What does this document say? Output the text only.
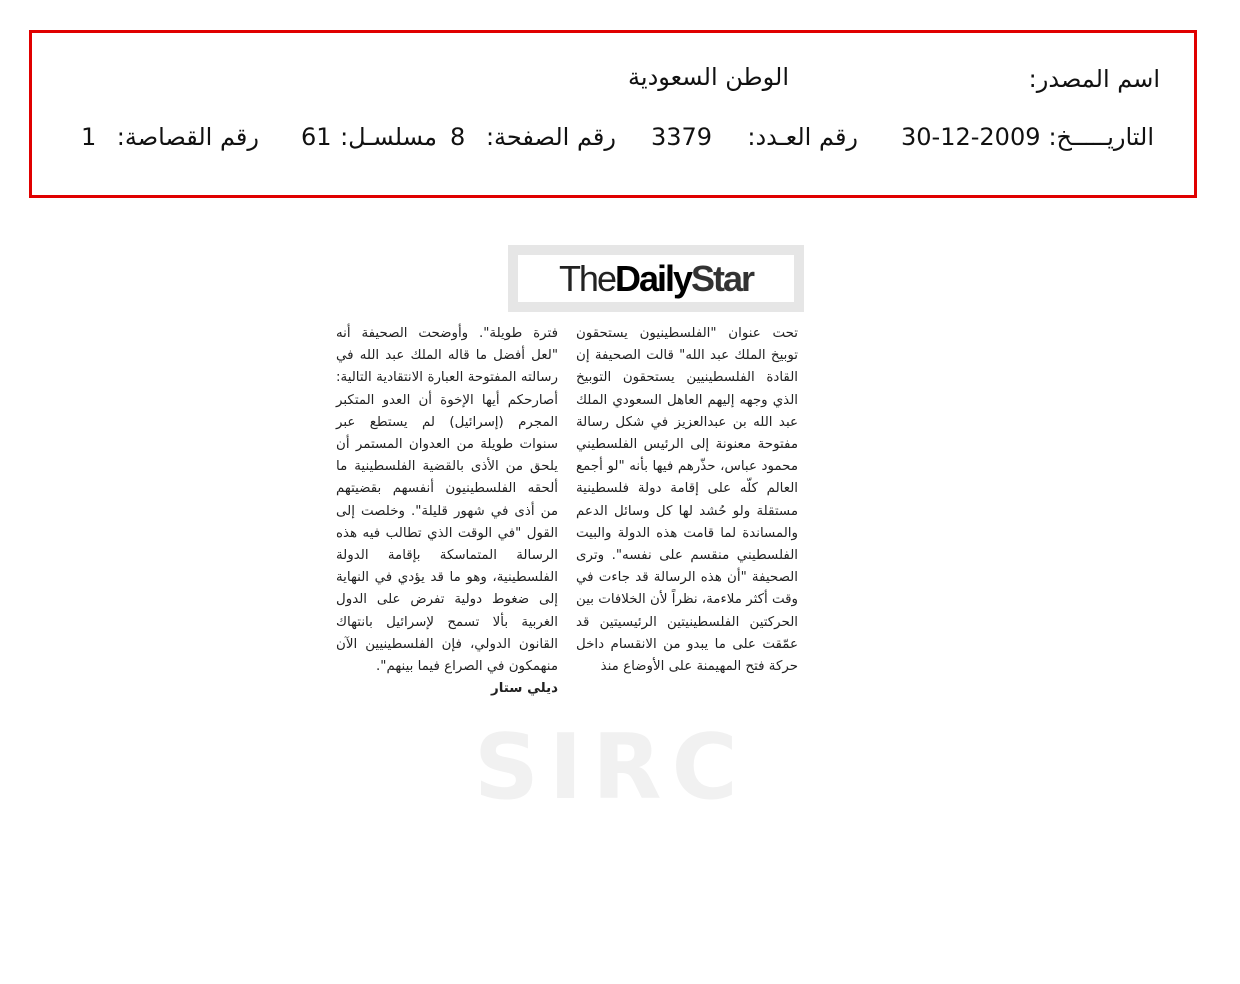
اسم المصدر:
الوطن السعودية
التاريـــــخ:
30-12-2009
رقم العـدد:
3379
رقم الصفحة:
8
مسلسـل:
61
رقم القصاصة:
1
SIRC
The Daily Star

تحت عنوان "الفلسطينيون يستحقون توبيخ الملك عبد الله" قالت الصحيفة إن القادة الفلسطينيين يستحقون التوبيخ الذي وجهه إليهم العاهل السعودي الملك عبد الله بن عبدالعزيز في شكل رسالة مفتوحة معنونة إلى الرئيس الفلسطيني محمود عباس، حذّرهم فيها بأنه "لو أجمع العالم كلّه على إقامة دولة فلسطينية مستقلة ولو حُشد لها كل وسائل الدعم والمساندة لما قامت هذه الدولة والبيت الفلسطيني منقسم على نفسه". وترى الصحيفة "أن هذه الرسالة قد جاءت في وقت أكثر ملاءمة، نظراً لأن الخلافات بين الحركتين الفلسطينيتين الرئيسيتين قد عمّقت على ما يبدو من الانقسام داخل حركة فتح المهيمنة على الأوضاع منذ

فترة طويلة". وأوضحت الصحيفة أنه "لعل أفضل ما قاله الملك عبد الله في رسالته المفتوحة العبارة الانتقادية التالية: أصارحكم أيها الإخوة أن العدو المتكبر المجرم (إسرائيل) لم يستطع عبر سنوات طويلة من العدوان المستمر أن يلحق من الأذى بالقضية الفلسطينية ما ألحقه الفلسطينيون أنفسهم بقضيتهم من أذى في شهور قليلة". وخلصت إلى القول "في الوقت الذي تطالب فيه هذه الرسالة المتماسكة بإقامة الدولة الفلسطينية، وهو ما قد يؤدي في النهاية إلى ضغوط دولية تفرض على الدول الغربية بألا تسمح لإسرائيل بانتهاك القانون الدولي، فإن الفلسطينيين الآن منهمكون في الصراع فيما بينهم".

ديلي ستار
